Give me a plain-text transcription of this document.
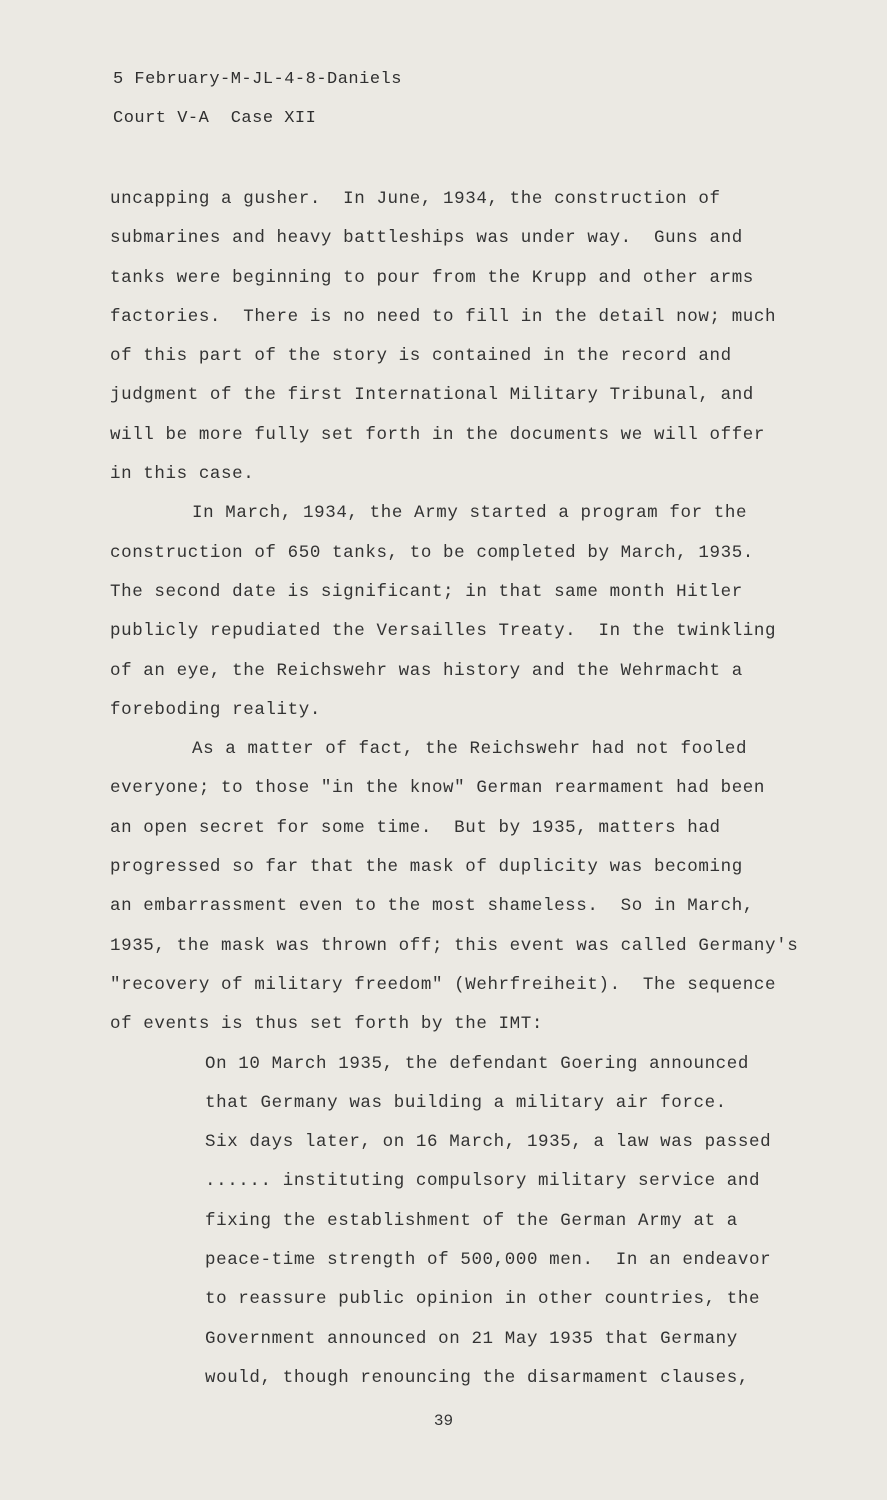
5 February-M-JL-4-8-Daniels
Court V-A  Case XII
uncapping a gusher.  In June, 1934, the construction of
submarines and heavy battleships was under way.  Guns and
tanks were beginning to pour from the Krupp and other arms
factories.  There is no need to fill in the detail now; much
of this part of the story is contained in the record and
judgment of the first International Military Tribunal, and
will be more fully set forth in the documents we will offer
in this case.
In March, 1934, the Army started a program for the
construction of 650 tanks, to be completed by March, 1935.
The second date is significant; in that same month Hitler
publicly repudiated the Versailles Treaty.  In the twinkling
of an eye, the Reichswehr was history and the Wehrmacht a
foreboding reality.
As a matter of fact, the Reichswehr had not fooled
everyone; to those "in the know" German rearmament had been
an open secret for some time.  But by 1935, matters had
progressed so far that the mask of duplicity was becoming
an embarrassment even to the most shameless.  So in March,
1935, the mask was thrown off; this event was called Germany's
"recovery of military freedom" (Wehrfreiheit).  The sequence
of events is thus set forth by the IMT:
On 10 March 1935, the defendant Goering announced
that Germany was building a military air force.
Six days later, on 16 March, 1935, a law was passed
...... instituting compulsory military service and
fixing the establishment of the German Army at a
peace-time strength of 500,000 men.  In an endeavor
to reassure public opinion in other countries, the
Government announced on 21 May 1935 that Germany
would, though renouncing the disarmament clauses,
39
